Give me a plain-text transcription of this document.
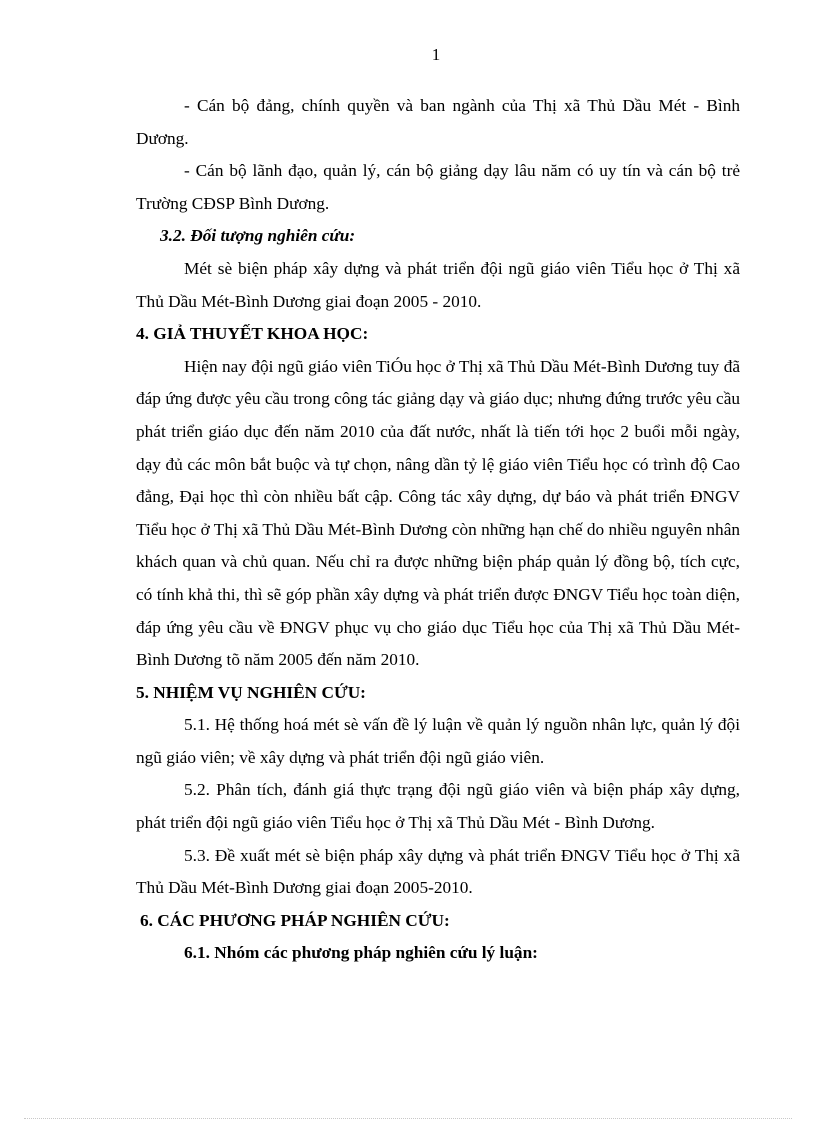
1

- Cán bộ đảng, chính quyền và ban ngành của Thị xã Thủ Dầu Mét - Bình Dương.

- Cán bộ lãnh đạo, quản lý, cán bộ giảng dạy lâu năm có uy tín và cán bộ trẻ Trường CĐSP Bình Dương.

3.2. Đối tượng nghiên cứu:

Mét sè biện pháp xây dựng và phát triển đội ngũ giáo viên Tiểu học ở Thị xã Thủ Dầu Mét-Bình Dương giai đoạn 2005 - 2010.

4. GIẢ THUYẾT KHOA HỌC:

Hiện nay đội ngũ giáo viên TiÓu học ở Thị xã Thủ Dầu Mét-Bình Dương tuy đã đáp ứng được yêu cầu trong công tác giảng dạy và giáo dục; nhưng đứng trước yêu cầu phát triển giáo dục đến năm 2010 của đất nước, nhất là tiến tới học 2 buổi mỗi ngày, dạy đủ các môn bắt buộc và tự chọn, nâng dần tỷ lệ giáo viên Tiểu học có trình độ Cao đẳng, Đại học thì còn nhiều bất cập. Công tác xây dựng, dự báo và phát triển ĐNGV Tiểu học ở Thị xã Thủ Dầu Mét-Bình Dương còn những hạn chế do nhiều nguyên nhân khách quan và chủ quan. Nếu chỉ ra được những biện pháp quản lý đồng bộ, tích cực, có tính khả thi, thì sẽ góp phần xây dựng và phát triển được ĐNGV Tiểu học toàn diện, đáp ứng yêu cầu về ĐNGV phục vụ cho giáo dục Tiểu học của Thị xã Thủ Dầu Mét-Bình Dương tõ năm 2005 đến năm 2010.

5. NHIỆM VỤ NGHIÊN CỨU:

5.1. Hệ thống hoá mét sè vấn đề lý luận về quản lý nguồn nhân lực, quản lý đội ngũ giáo viên; về xây dựng và phát triển đội ngũ giáo viên.

5.2. Phân tích, đánh giá thực trạng đội ngũ giáo viên và biện pháp xây dựng, phát triển đội ngũ giáo viên Tiểu học ở Thị xã Thủ Dầu Mét - Bình Dương.

5.3. Đề xuất mét sè biện pháp xây dựng và phát triển ĐNGV Tiểu học ở Thị xã Thủ Dầu Mét-Bình Dương giai đoạn 2005-2010.

6. CÁC PHƯƠNG PHÁP NGHIÊN CỨU:

6.1. Nhóm các phương pháp nghiên cứu lý luận:
